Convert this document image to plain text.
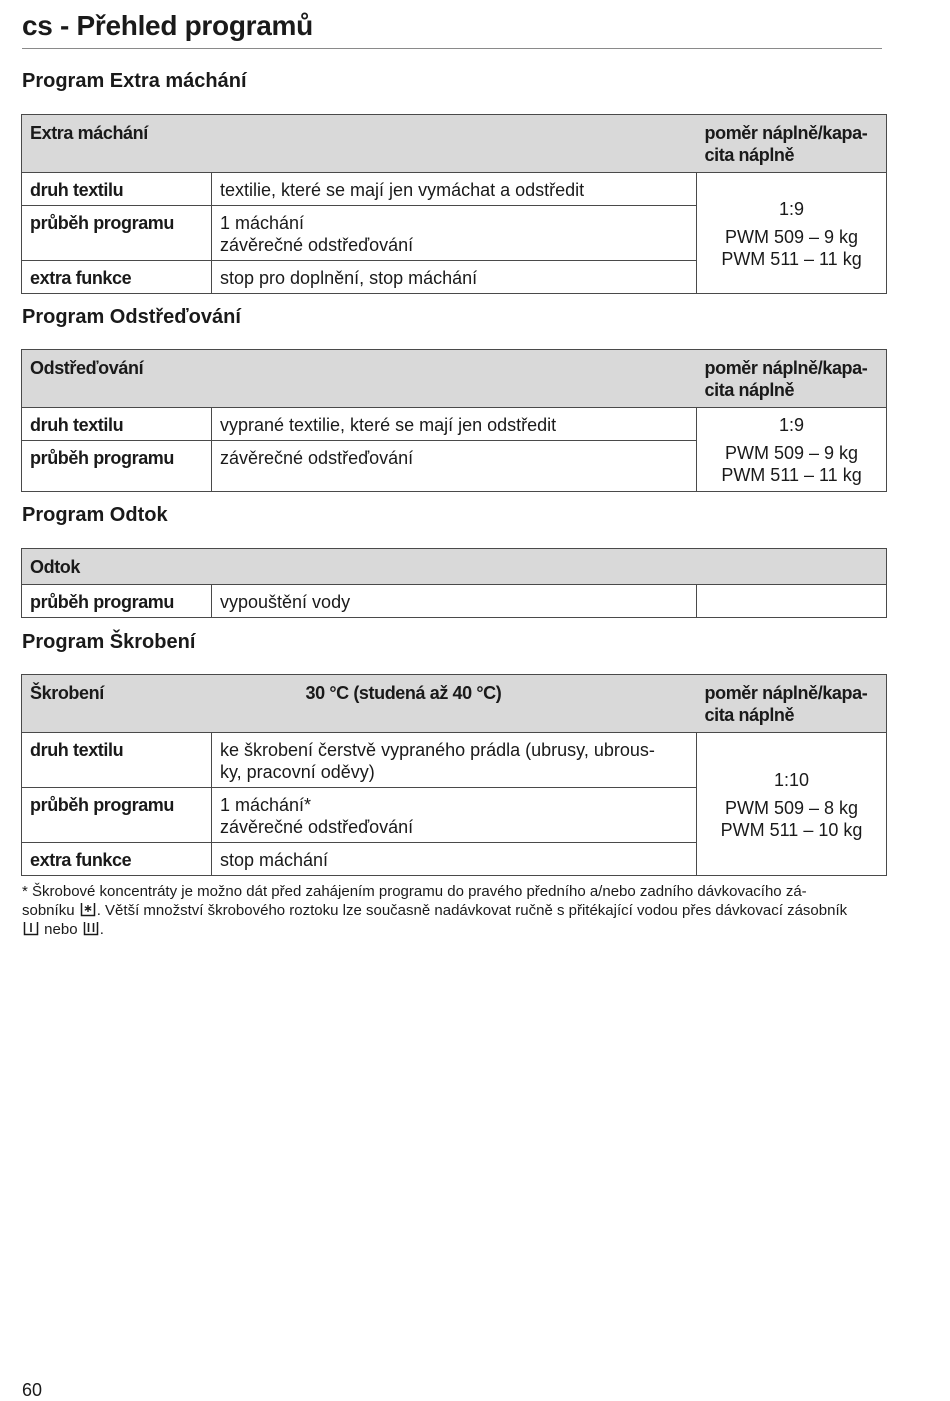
cs - Přehled programů
Program Extra máchání
Extra máchání		poměr náplně/kapa-
cita náplně

druh textilu	textilie, které se mají jen vymáchat a odstředit	1:9
PWM 509 – 9 kg
PWM 511 – 11 kg

průběh programu	1 máchání
závěrečné odstřeďování	

extra funkce	stop pro doplnění, stop máchání	
Program Odstřeďování
Odstřeďování		poměr náplně/kapa-
cita náplně

druh textilu	vyprané textilie, které se mají jen odstředit	1:9
PWM 509 – 9 kg
PWM 511 – 11 kg

průběh programu	závěrečné odstřeďování	
Program Odtok
Odtok
průběh programu	vypouštění vody

Program Škrobení
Škrobení	30 °C (studená až 40 °C)	poměr náplně/kapa-
cita náplně

druh textilu	ke škrobení čerstvě vypraného prádla (ubrusy, ubrous-
ky, pracovní oděvy)	1:10
PWM 509 – 8 kg
PWM 511 – 10 kg

průběh programu	1 máchání*
závěrečné odstřeďování	

extra funkce	stop máchání	
* Škrobové koncentráty je možno dát před zahájením programu do pravého předního a/nebo zadního dávkovacího zá-
sobníku . Větší množství škrobového roztoku lze současně nadávkovat ručně s přitékající vodou přes dávkovací zásobník
nebo .
60
